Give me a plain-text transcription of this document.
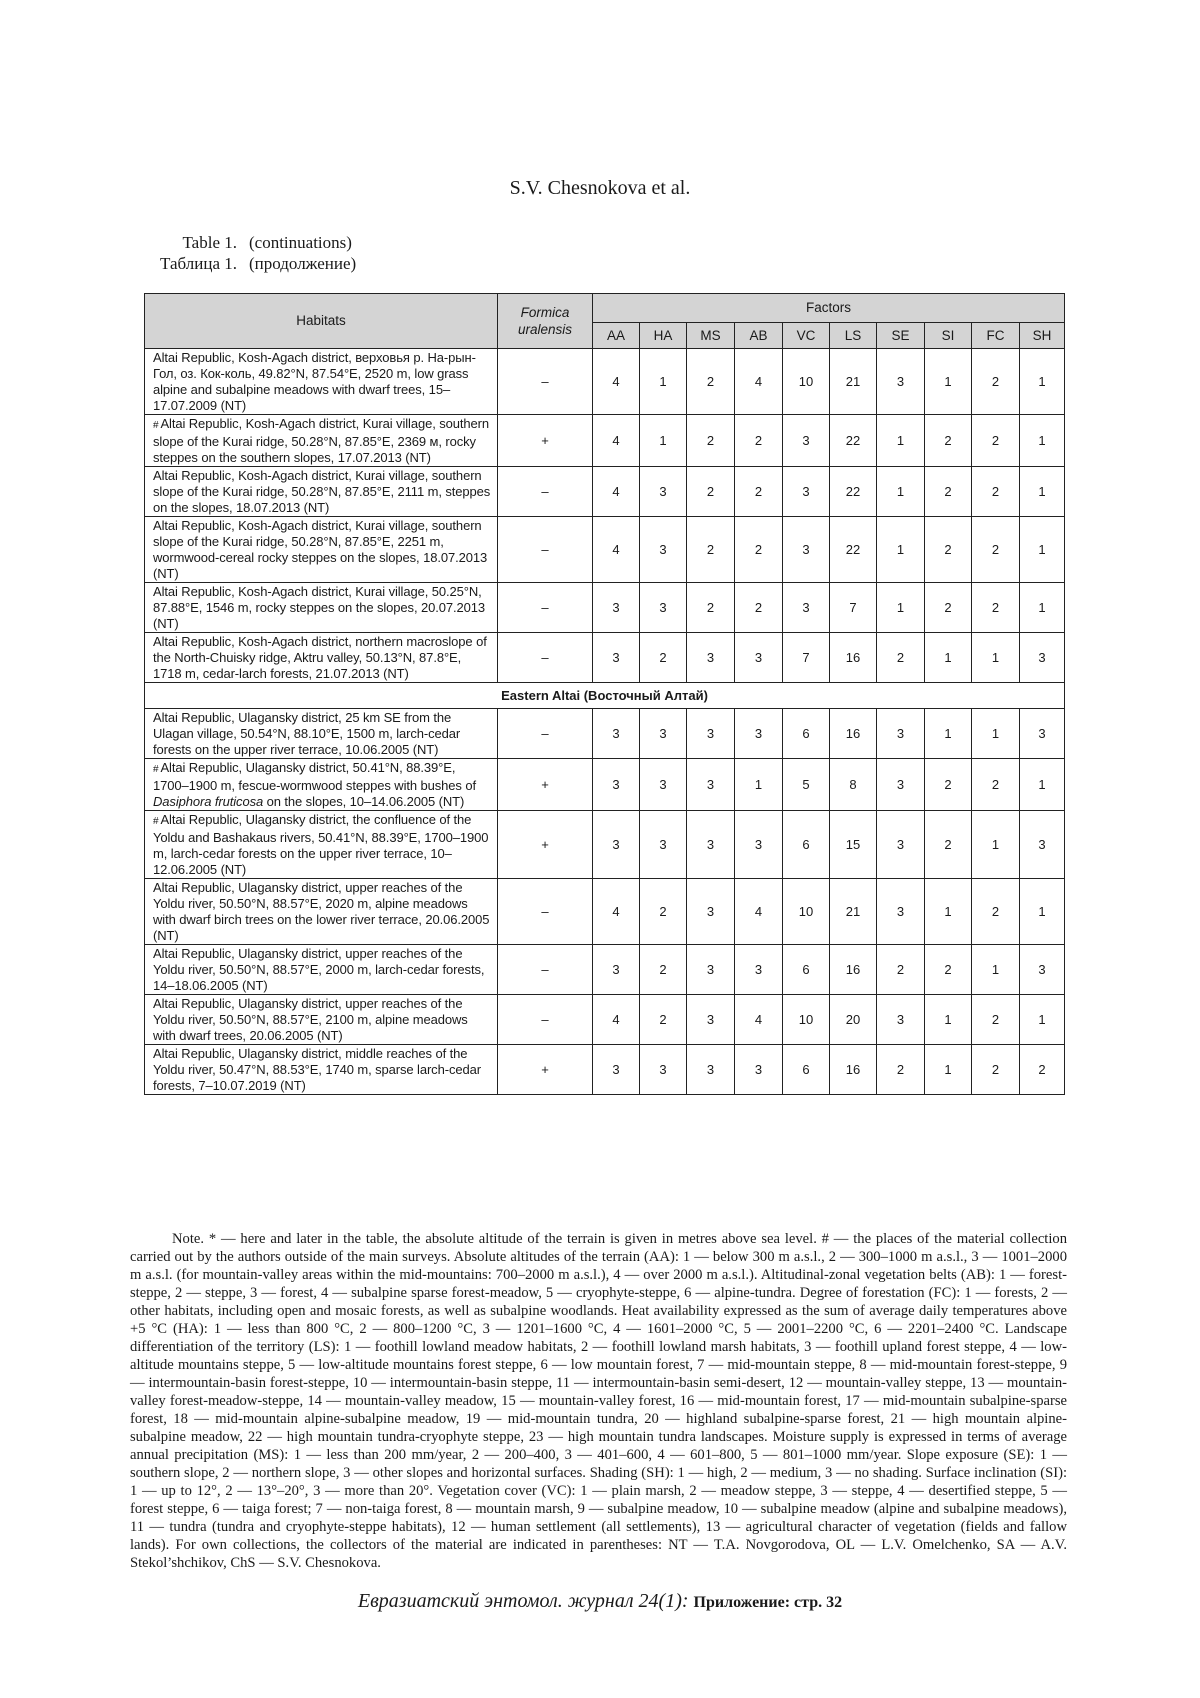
S.V. Chesnokova et al.
Table 1. (continuations)
Таблица 1. (продолжение)
Habitats	Formica
uralensis	Factors
AA	HA	MS	AB	VC	LS	SE	SI	FC	SH
Altai Republic, Kosh-Agach district, верховья р. На-рын-Гол, оз. Кок-коль, 49.82°N, 87.54°E, 2520 m, low grass alpine and subalpine meadows with dwarf trees, 15–17.07.2009 (NT)	–	4	1	2	4	10	21	3	1	2	1
# Altai Republic, Kosh-Agach district, Kurai village, southern slope of the Kurai ridge, 50.28°N, 87.85°E, 2369 м, rocky steppes on the southern slopes, 17.07.2013 (NT)	+	4	1	2	2	3	22	1	2	2	1
Altai Republic, Kosh-Agach district, Kurai village, southern slope of the Kurai ridge, 50.28°N, 87.85°E, 2111 m, steppes on the slopes, 18.07.2013 (NT)	–	4	3	2	2	3	22	1	2	2	1
Altai Republic, Kosh-Agach district, Kurai village, southern slope of the Kurai ridge, 50.28°N, 87.85°E, 2251 m, wormwood-cereal rocky steppes on the slopes, 18.07.2013 (NT)	–	4	3	2	2	3	22	1	2	2	1
Altai Republic, Kosh-Agach district, Kurai village, 50.25°N, 87.88°E, 1546 m, rocky steppes on the slopes, 20.07.2013 (NT)	–	3	3	2	2	3	7	1	2	2	1
Altai Republic, Kosh-Agach district, northern macroslope of the North-Chuisky ridge, Aktru valley, 50.13°N, 87.8°E, 1718 m, cedar-larch forests, 21.07.2013 (NT)	–	3	2	3	3	7	16	2	1	1	3
Eastern Altai (Восточный Алтай)
Altai Republic, Ulagansky district, 25 km SE from the Ulagan village, 50.54°N, 88.10°E, 1500 m, larch-cedar forests on the upper river terrace, 10.06.2005 (NT)	–	3	3	3	3	6	16	3	1	1	3
# Altai Republic, Ulagansky district, 50.41°N, 88.39°E, 1700–1900 m, fescue-wormwood steppes with bushes of Dasiphora fruticosa on the slopes, 10–14.06.2005 (NT)	+	3	3	3	1	5	8	3	2	2	1
# Altai Republic, Ulagansky district, the confluence of the Yoldu and Bashakaus rivers, 50.41°N, 88.39°E, 1700–1900 m, larch-cedar forests on the upper river terrace, 10–12.06.2005 (NT)	+	3	3	3	3	6	15	3	2	1	3
Altai Republic, Ulagansky district, upper reaches of the Yoldu river, 50.50°N, 88.57°E, 2020 m, alpine meadows with dwarf birch trees on the lower river terrace, 20.06.2005 (NT)	–	4	2	3	4	10	21	3	1	2	1
Altai Republic, Ulagansky district, upper reaches of the Yoldu river, 50.50°N, 88.57°E, 2000 m, larch-cedar forests, 14–18.06.2005 (NT)	–	3	2	3	3	6	16	2	2	1	3
Altai Republic, Ulagansky district, upper reaches of the Yoldu river, 50.50°N, 88.57°E, 2100 m, alpine meadows with dwarf trees, 20.06.2005 (NT)	–	4	2	3	4	10	20	3	1	2	1
Altai Republic, Ulagansky district, middle reaches of the Yoldu river, 50.47°N, 88.53°E, 1740 m, sparse larch-cedar forests, 7–10.07.2019 (NT)	+	3	3	3	3	6	16	2	1	2	2
Note. * — here and later in the table, the absolute altitude of the terrain is given in metres above sea level. # — the places of the material collection carried out by the authors outside of the main surveys. Absolute altitudes of the terrain (AA): 1 — below 300 m a.s.l., 2 — 300–1000 m a.s.l., 3 — 1001–2000 m a.s.l. (for mountain-valley areas within the mid-mountains: 700–2000 m a.s.l.), 4 — over 2000 m a.s.l.). Altitudinal-zonal vegetation belts (AB): 1 — forest-steppe, 2 — steppe, 3 — forest, 4 — subalpine sparse forest-meadow, 5 — cryophyte-steppe, 6 — alpine-tundra. Degree of forestation (FC): 1 — forests, 2 — other habitats, including open and mosaic forests, as well as subalpine woodlands. Heat availability expressed as the sum of average daily temperatures above +5 °C (HA): 1 — less than 800 °C, 2 — 800–1200 °C, 3 — 1201–1600 °C, 4 — 1601–2000 °C, 5 — 2001–2200 °C, 6 — 2201–2400 °C. Landscape differentiation of the territory (LS): 1 — foothill lowland meadow habitats, 2 — foothill lowland marsh habitats, 3 — foothill upland forest steppe, 4 — low-altitude mountains steppe, 5 — low-altitude mountains forest steppe, 6 — low mountain forest, 7 — mid-mountain steppe, 8 — mid-mountain forest-steppe, 9 — intermountain-basin forest-steppe, 10 — intermountain-basin steppe, 11 — intermountain-basin semi-desert, 12 — mountain-valley steppe, 13 — mountain-valley forest-meadow-steppe, 14 — mountain-valley meadow, 15 — mountain-valley forest, 16 — mid-mountain forest, 17 — mid-mountain subalpine-sparse forest, 18 — mid-mountain alpine-subalpine meadow, 19 — mid-mountain tundra, 20 — highland subalpine-sparse forest, 21 — high mountain alpine-subalpine meadow, 22 — high mountain tundra-cryophyte steppe, 23 — high mountain tundra landscapes. Moisture supply is expressed in terms of average annual precipitation (MS): 1 — less than 200 mm/year, 2 — 200–400, 3 — 401–600, 4 — 601–800, 5 — 801–1000 mm/year. Slope exposure (SE): 1 — southern slope, 2 — northern slope, 3 — other slopes and horizontal surfaces. Shading (SH): 1 — high, 2 — medium, 3 — no shading. Surface inclination (SI): 1 — up to 12°, 2 — 13°–20°, 3 — more than 20°. Vegetation cover (VC): 1 — plain marsh, 2 — meadow steppe, 3 — steppe, 4 — desertified steppe, 5 — forest steppe, 6 — taiga forest; 7 — non-taiga forest, 8 — mountain marsh, 9 — subalpine meadow, 10 — subalpine meadow (alpine and subalpine meadows), 11 — tundra (tundra and cryophyte-steppe habitats), 12 — human settlement (all settlements), 13 — agricultural character of vegetation (fields and fallow lands). For own collections, the collectors of the material are indicated in parentheses: NT — T.A. Novgorodova, OL — L.V. Omelchenko, SA — A.V. Stekol’shchikov, ChS — S.V. Chesnokova.
Евразиатский энтомол. журнал 24(1): Приложение: стр. 32
